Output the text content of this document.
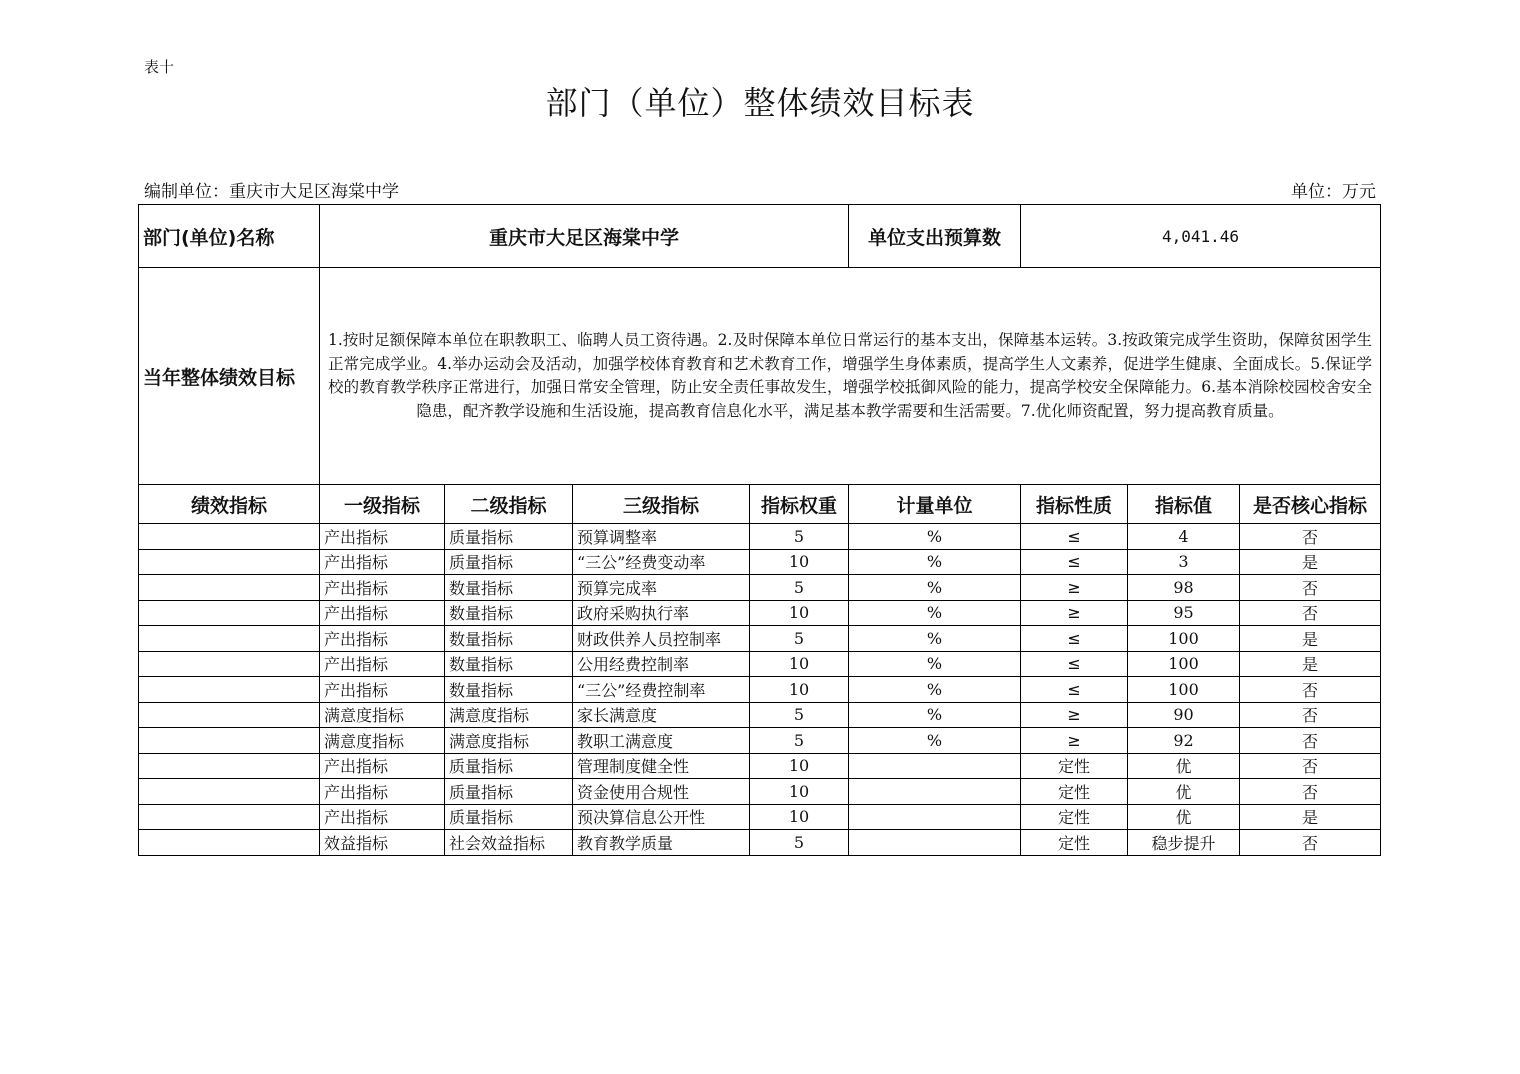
表十
部门（单位）整体绩效目标表
编制单位：重庆市大足区海棠中学	单位：万元
部门(单位)名称	重庆市大足区海棠中学				单位支出预算数	4,041.46		
当年整体绩效目标	1.按时足额保障本单位在职教职工、临聘人员工资待遇。2.及时保障本单位日常运行的基本支出，保障基本运转。3.按政策完成学生资助，保障贫困学生正常完成学业。4.举办运动会及活动，加强学校体育教育和艺术教育工作，增强学生身体素质，提高学生人文素养，促进学生健康、全面成长。5.保证学校的教育教学秩序正常进行，加强日常安全管理，防止安全责任事故发生，增强学校抵御风险的能力，提高学校安全保障能力。6.基本消除校园校舍安全隐患，配齐教学设施和生活设施，提高教育信息化水平，满足基本教学需要和生活需要。7.优化师资配置，努力提高教育质量。							
绩效指标	一级指标	二级指标	三级指标	指标权重	计量单位	指标性质	指标值	是否核心指标
	产出指标	质量指标	预算调整率	5	%	≤	4	否
	产出指标	质量指标	“三公”经费变动率	10	%	≤	3	是
	产出指标	数量指标	预算完成率	5	%	≥	98	否
	产出指标	数量指标	政府采购执行率	10	%	≥	95	否
	产出指标	数量指标	财政供养人员控制率	5	%	≤	100	是
	产出指标	数量指标	公用经费控制率	10	%	≤	100	是
	产出指标	数量指标	“三公”经费控制率	10	%	≤	100	否
	满意度指标	满意度指标	家长满意度	5	%	≥	90	否
	满意度指标	满意度指标	教职工满意度	5	%	≥	92	否
	产出指标	质量指标	管理制度健全性	10		定性	优	否
	产出指标	质量指标	资金使用合规性	10		定性	优	否
	产出指标	质量指标	预决算信息公开性	10		定性	优	是
	效益指标	社会效益指标	教育教学质量	5		定性	稳步提升	否
